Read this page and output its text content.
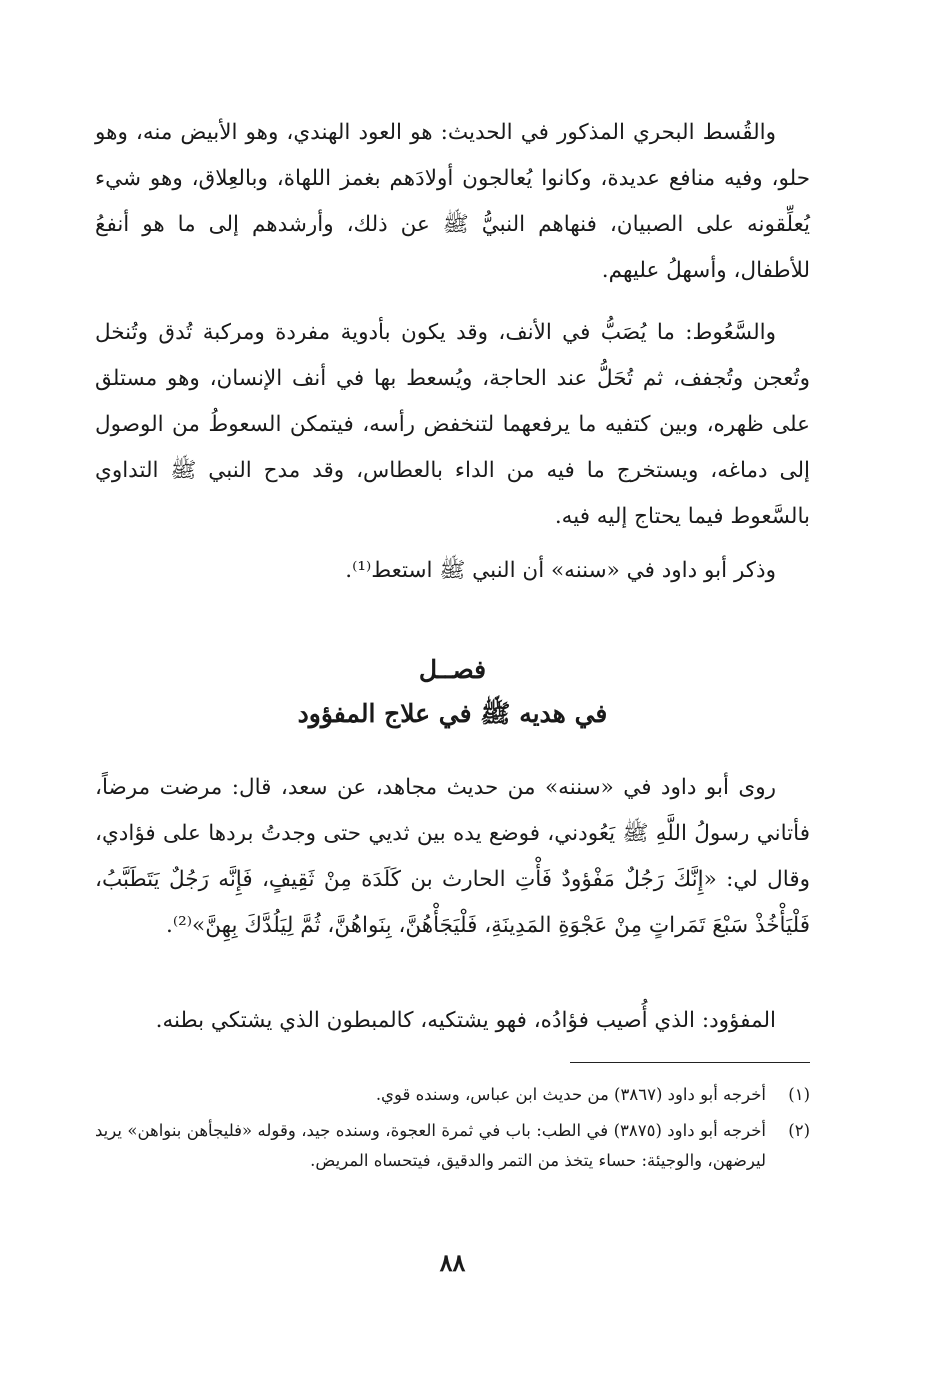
والقُسط البحري المذكور في الحديث: هو العود الهندي، وهو الأبيض منه، وهو حلو، وفيه منافع عديدة، وكانوا يُعالجون أولادَهم بغمز اللهاة، وبالعِلاق، وهو شيء يُعلِّقونه على الصبيان، فنهاهم النبيُّ ﷺ عن ذلك، وأرشدهم إلى ما هو أنفعُ للأطفال، وأسهلُ عليهم.

والسَّعُوط: ما يُصَبُّ في الأنف، وقد يكون بأدوية مفردة ومركبة تُدق وتُنخل وتُعجن وتُجفف، ثم تُحَلُّ عند الحاجة، ويُسعط بها في أنف الإنسان، وهو مستلق على ظهره، وبين كتفيه ما يرفعهما لتنخفض رأسه، فيتمكن السعوطُ من الوصول إلى دماغه، ويستخرج ما فيه من الداء بالعطاس، وقد مدح النبي ﷺ التداوي بالسَّعوط فيما يحتاج إليه فيه.

وذكر أبو داود في «سننه» أن النبي ﷺ استعط⁽¹⁾.

فصــل
في هديه ﷺ في علاج المفؤود

روى أبو داود في «سننه» من حديث مجاهد، عن سعد، قال: مرضت مرضاً، فأتاني رسولُ اللَّهِ ﷺ يَعُودني، فوضع يده بين ثديي حتى وجدتُ بردها على فؤادي، وقال لي: «إِنَّكَ رَجُلٌ مَفْؤودٌ فَأْتِ الحارث بن كَلَدَة مِنْ ثَقِيفٍ، فَإِنَّه رَجُلٌ يَتَطَبَّبُ، فَلْيَأْخُذْ سَبْعَ تَمَراتٍ مِنْ عَجْوَةِ المَدِينَةِ، فَلْيَجَأْهُنَّ، بِنَواهُنَّ، ثُمَّ لِيَلُدَّكَ بِهِنَّ»⁽²⁾.

المفؤود: الذي أُصيب فؤادُه، فهو يشتكيه، كالمبطون الذي يشتكي بطنه.

(١)
أخرجه أبو داود (٣٨٦٧) من حديث ابن عباس، وسنده قوي.
(٢)
أخرجه أبو داود (٣٨٧٥) في الطب: باب في ثمرة العجوة، وسنده جيد، وقوله «فليجأهن بنواهن» يريد ليرضهن، والوجيئة: حساء يتخذ من التمر والدقيق، فيتحساه المريض.
٨٨
